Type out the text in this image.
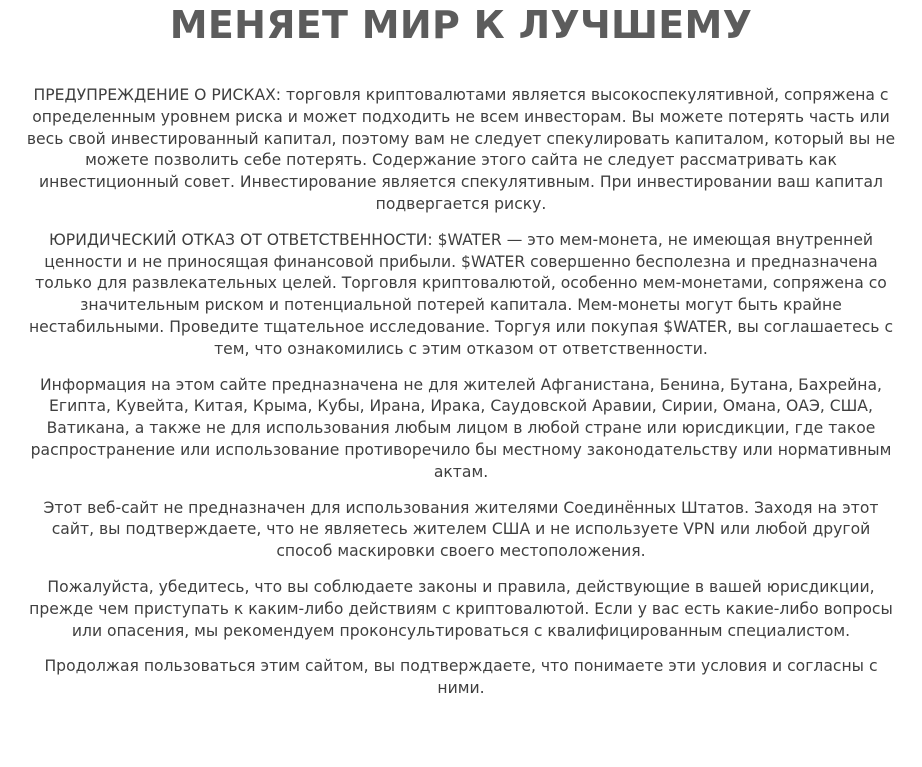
МЕНЯЕТ МИР К ЛУЧШЕМУ

ПРЕДУПРЕЖДЕНИЕ О РИСКАХ: торговля криптовалютами является высокоспекулятивной, сопряжена с определенным уровнем риска и может подходить не всем инвесторам. Вы можете потерять часть или весь свой инвестированный капитал, поэтому вам не следует спекулировать капиталом, который вы не можете позволить себе потерять. Содержание этого сайта не следует рассматривать как инвестиционный совет. Инвестирование является спекулятивным. При инвестировании ваш капитал подвергается риску.

ЮРИДИЧЕСКИЙ ОТКАЗ ОТ ОТВЕТСТВЕННОСТИ: $WATER — это мем-монета, не имеющая внутренней ценности и не приносящая финансовой прибыли. $WATER совершенно бесполезна и предназначена только для развлекательных целей. Торговля криптовалютой, особенно мем-монетами, сопряжена со значительным риском и потенциальной потерей капитала. Мем-монеты могут быть крайне нестабильными. Проведите тщательное исследование. Торгуя или покупая $WATER, вы соглашаетесь с тем, что ознакомились с этим отказом от ответственности.

Информация на этом сайте предназначена не для жителей Афганистана, Бенина, Бутана, Бахрейна, Египта, Кувейта, Китая, Крыма, Кубы, Ирана, Ирака, Саудовской Аравии, Сирии, Омана, ОАЭ, США, Ватикана, а также не для использования любым лицом в любой стране или юрисдикции, где такое распространение или использование противоречило бы местному законодательству или нормативным актам.

Этот веб-сайт не предназначен для использования жителями Соединённых Штатов. Заходя на этот сайт, вы подтверждаете, что не являетесь жителем США и не используете VPN или любой другой способ маскировки своего местоположения.

Пожалуйста, убедитесь, что вы соблюдаете законы и правила, действующие в вашей юрисдикции, прежде чем приступать к каким-либо действиям с криптовалютой. Если у вас есть какие-либо вопросы или опасения, мы рекомендуем проконсультироваться с квалифицированным специалистом.

Продолжая пользоваться этим сайтом, вы подтверждаете, что понимаете эти условия и согласны с ними.
